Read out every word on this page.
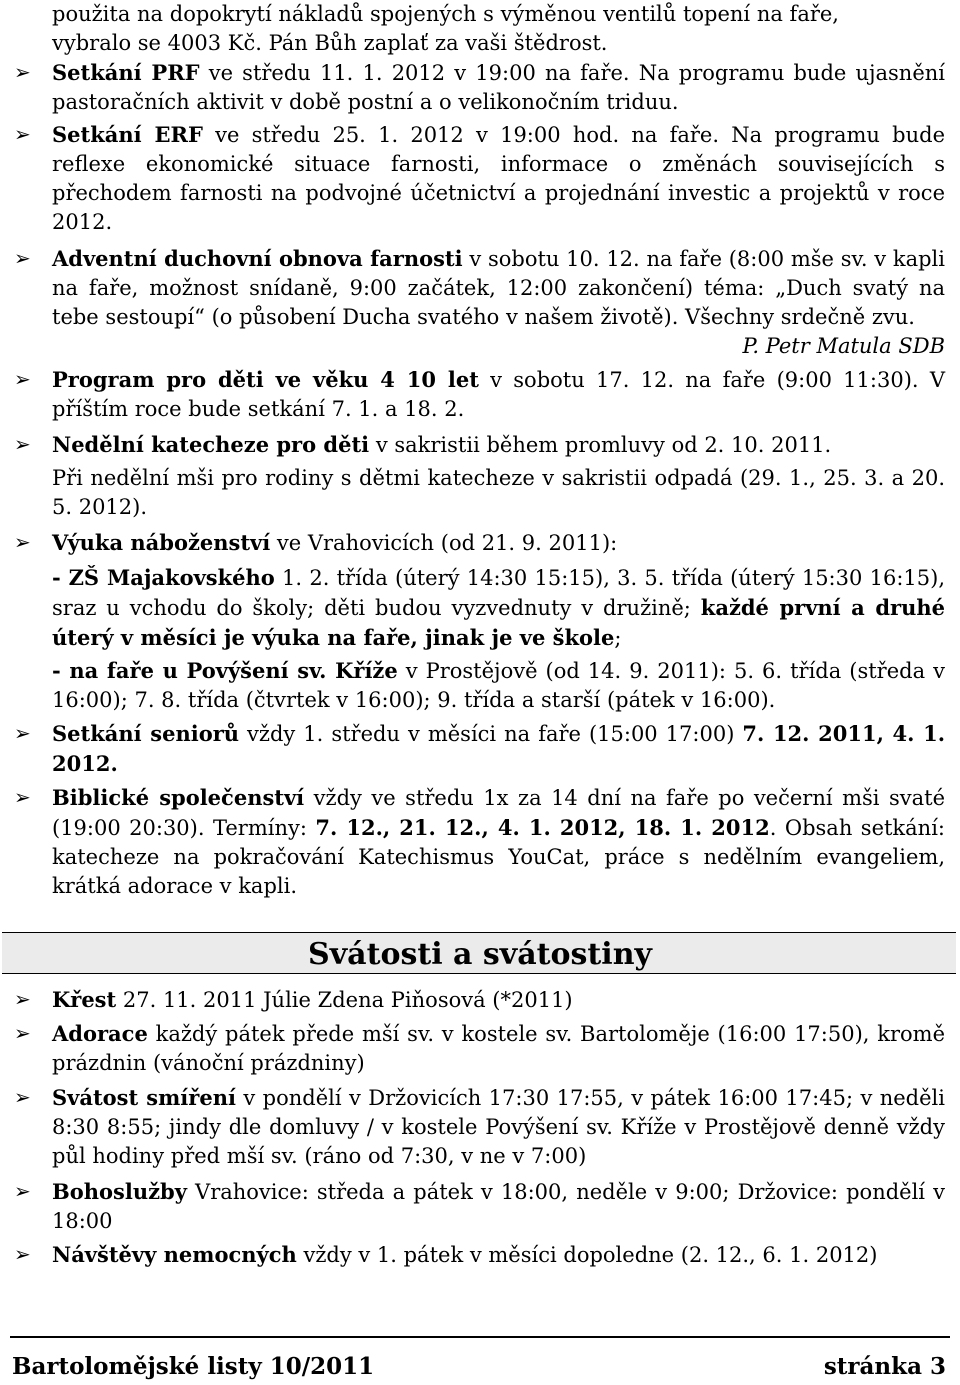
použita na dopokrytí nákladů spojených s výměnou ventilů topení na faře,
vybralo se 4003 Kč. Pán Bůh zaplať za vaši štědrost.
➢ Setkání PRF ve středu 11. 1. 2012 v 19:00 na faře. Na programu bude ujasnění pastoračních aktivit v době postní a o velikonočním triduu.
➢ Setkání ERF ve středu 25. 1. 2012 v 19:00 hod. na faře. Na programu bude reflexe ekonomické situace farnosti, informace o změnách souvisejících s přechodem farnosti na podvojné účetnictví a projednání investic a projektů v roce 2012.
➢ Adventní duchovní obnova farnosti v sobotu 10. 12. na faře (8:00 mše sv. v kapli na faře, možnost snídaně, 9:00 začátek, 12:00 zakončení) téma: „Duch svatý na tebe sestoupí“ (o působení Ducha svatého v našem životě). Všechny srdečně zvu.
P. Petr Matula SDB
➢ Program pro děti ve věku 4 10 let v sobotu 17. 12. na faře (9:00 11:30). V příštím roce bude setkání 7. 1. a 18. 2.
➢ Nedělní katecheze pro děti v sakristii během promluvy od 2. 10. 2011.

Při nedělní mši pro rodiny s dětmi katecheze v sakristii odpadá (29. 1., 25. 3. a 20. 5. 2012).
➢ Výuka náboženství ve Vrahovicích (od 21. 9. 2011):
- ZŠ Majakovského 1. 2. třída (úterý 14:30 15:15), 3. 5. třída (úterý 15:30 16:15), sraz u vchodu do školy; děti budou vyzvednuty v družině; každé první a druhé úterý v měsíci je výuka na faře, jinak je ve škole;
- na faře u Povýšení sv. Kříže v Prostějově (od 14. 9. 2011): 5. 6. třída (středa v 16:00); 7. 8. třída (čtvrtek v 16:00); 9. třída a starší (pátek v 16:00).
➢ Setkání seniorů vždy 1. středu v měsíci na faře (15:00 17:00) 7. 12. 2011, 4. 1. 2012.
➢ Biblické společenství vždy ve středu 1x za 14 dní na faře po večerní mši svaté (19:00 20:30). Termíny: 7. 12., 21. 12., 4. 1. 2012, 18. 1. 2012. Obsah setkání: katecheze na pokračování Katechismus YouCat, práce s nedělním evangeliem, krátká adorace v kapli.
Svátosti a svátostiny
➢ Křest 27. 11. 2011 Júlie Zdena Piňosová (*2011)
➢ Adorace každý pátek přede mší sv. v kostele sv. Bartoloměje (16:00 17:50), kromě prázdnin (vánoční prázdniny)
➢ Svátost smíření v pondělí v Držovicích 17:30 17:55, v pátek 16:00 17:45; v neděli 8:30 8:55; jindy dle domluvy / v kostele Povýšení sv. Kříže v Prostějově denně vždy půl hodiny před mší sv. (ráno od 7:30, v ne v 7:00)
➢ Bohoslužby Vrahovice: středa a pátek v 18:00, neděle v 9:00; Držovice: pondělí v 18:00
➢ Návštěvy nemocných vždy v 1. pátek v měsíci dopoledne (2. 12., 6. 1. 2012)
Bartolomějské listy 10/2011	stránka 3
